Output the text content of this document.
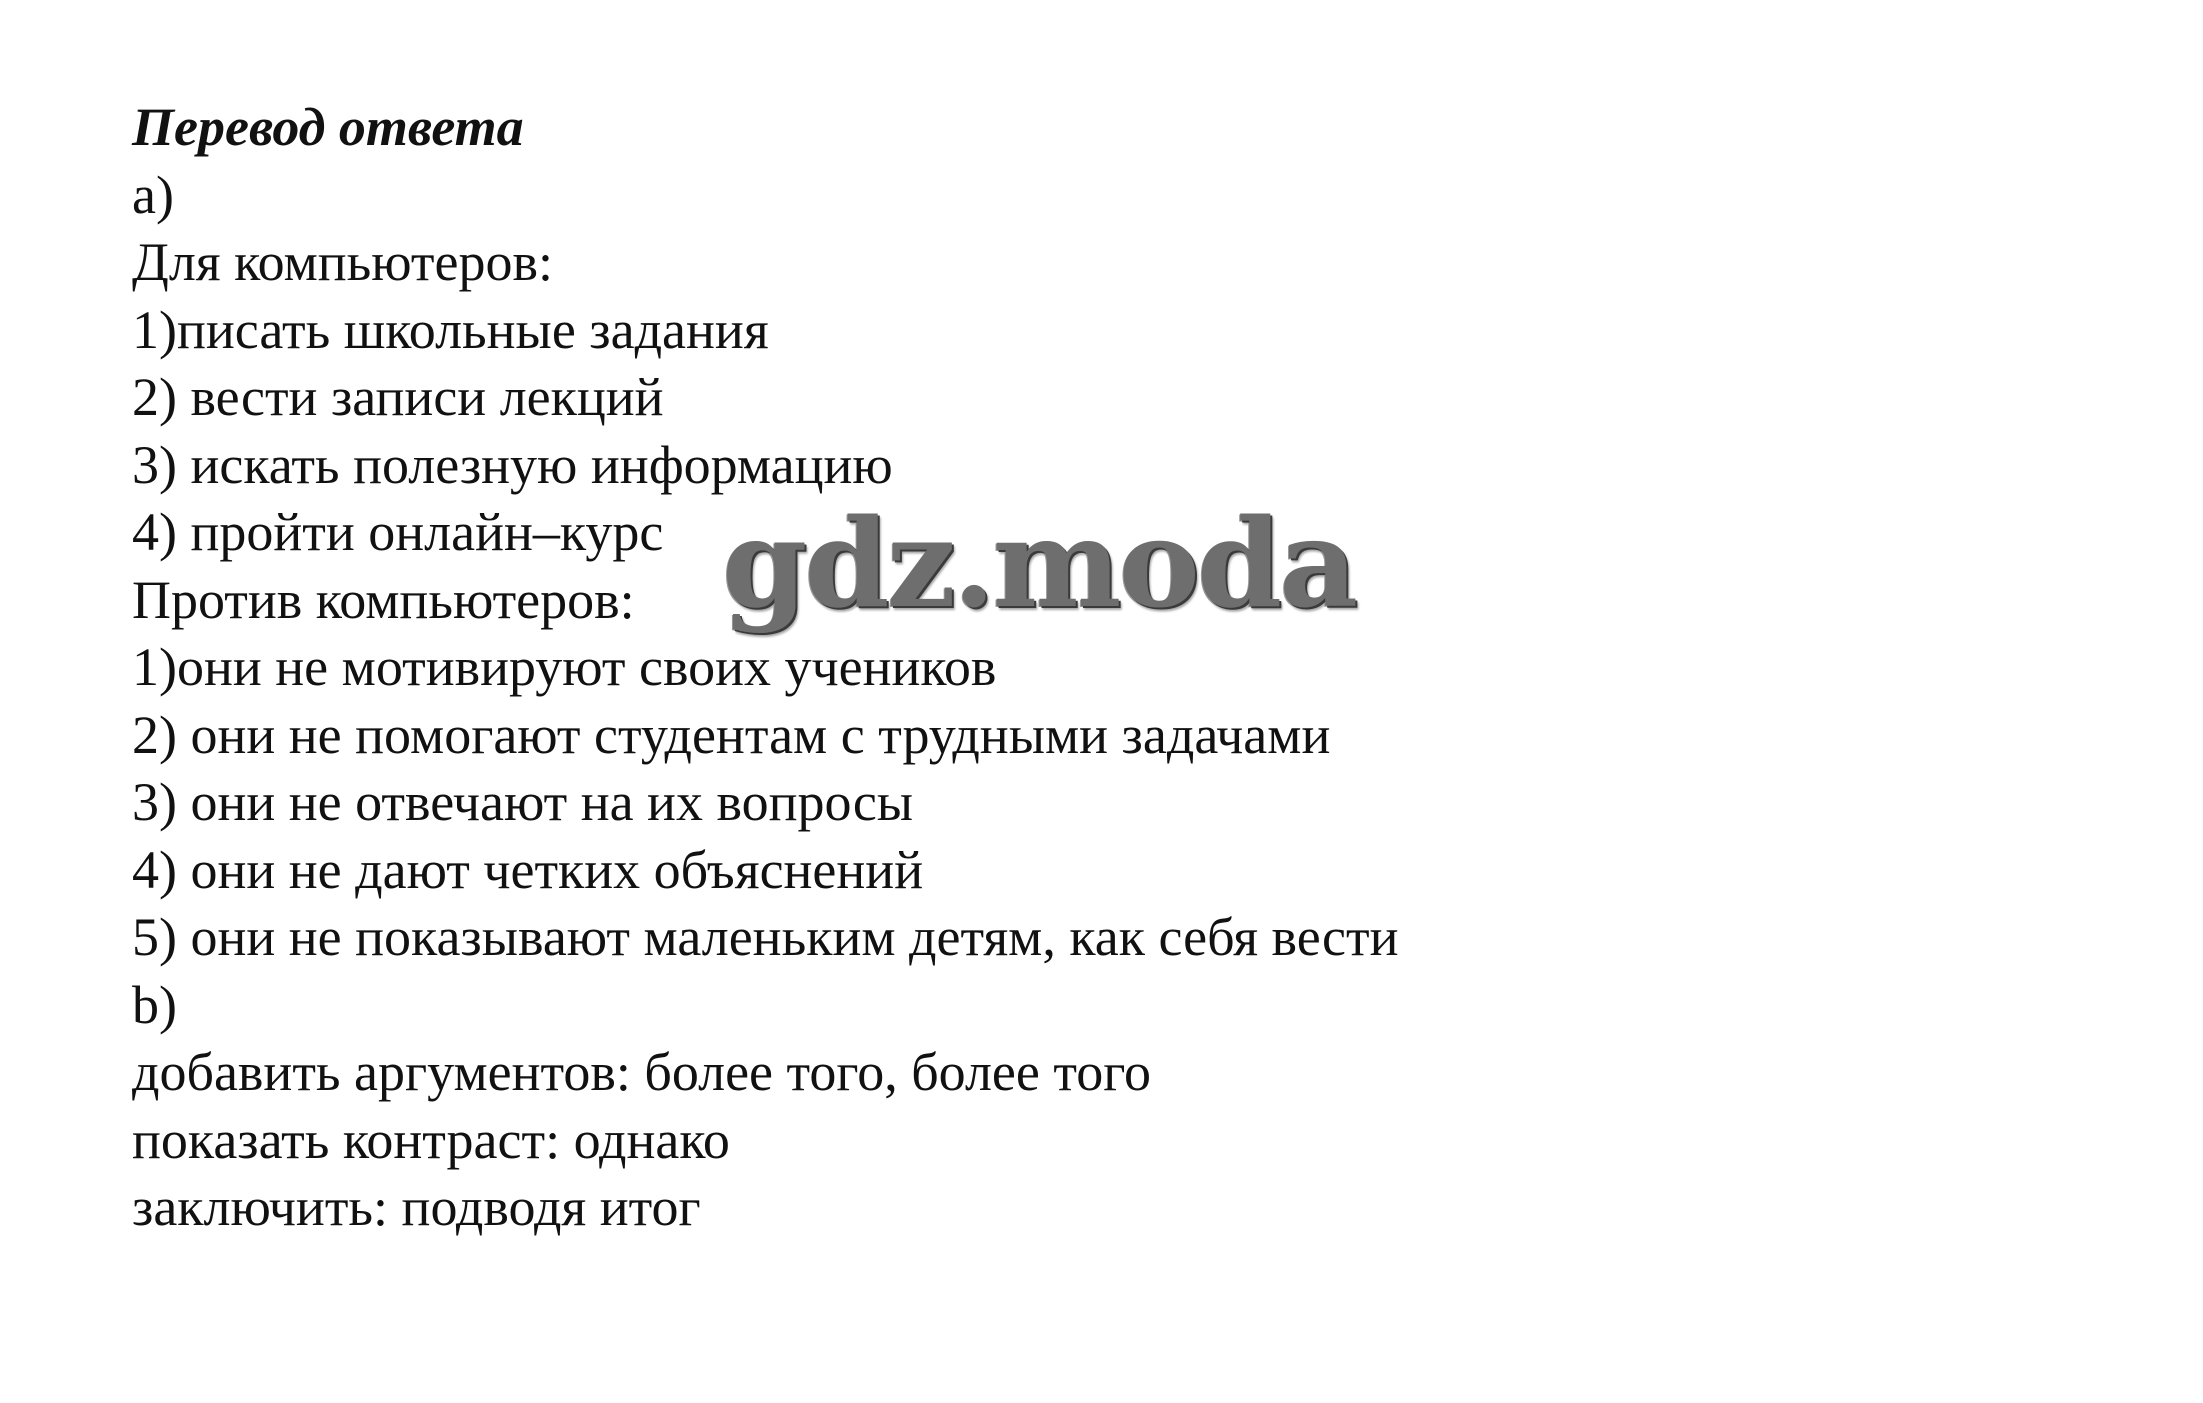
Перевод ответа
a)
Для компьютеров:
1)писать школьные задания
2) вести записи лекций
3) искать полезную информацию
4) пройти онлайн–курс
Против компьютеров:
1)они не мотивируют своих учеников
2) они не помогают студентам с трудными задачами
3) они не отвечают на их вопросы
4) они не дают четких объяснений
5) они не показывают маленьким детям, как себя вести
b)
добавить аргументов: более того, более того
показать контраст: однако
заключить: подводя итог
gdz.moda
